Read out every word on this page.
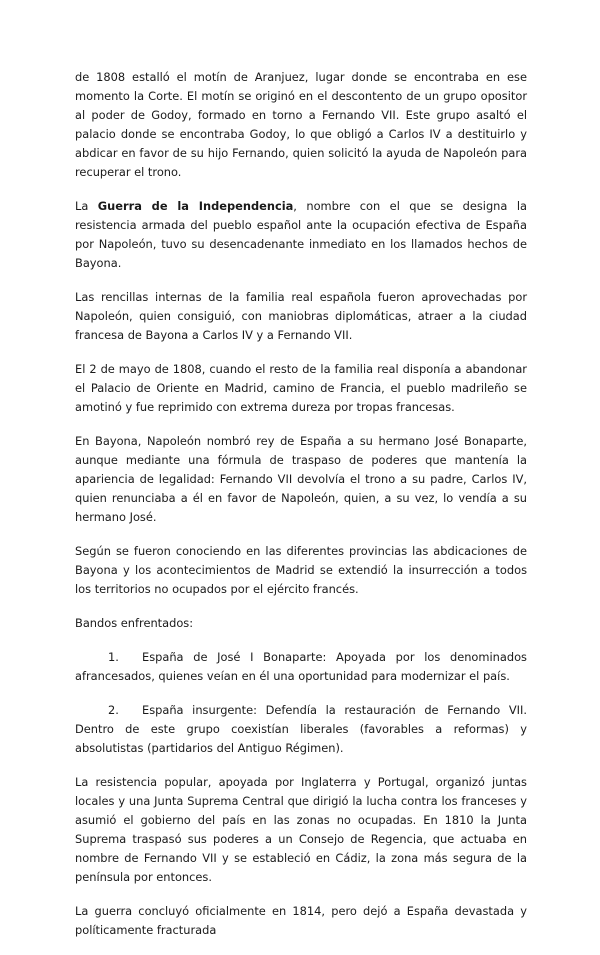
de 1808 estalló el motín de Aranjuez, lugar donde se encontraba en ese momento la Corte. El motín se originó en el descontento de un grupo opositor al poder de Godoy, formado en torno a Fernando VII. Este grupo asaltó el palacio donde se encontraba Godoy, lo que obligó a Carlos IV a destituirlo y abdicar en favor de su hijo Fernando, quien solicitó la ayuda de Napoleón para recuperar el trono.

La Guerra de la Independencia, nombre con el que se designa la resistencia armada del pueblo español ante la ocupación efectiva de España por Napoleón, tuvo su desencadenante inmediato en los llamados hechos de Bayona.

Las rencillas internas de la familia real española fueron aprovechadas por Napoleón, quien consiguió, con maniobras diplomáticas, atraer a la ciudad francesa de Bayona a Carlos IV y a Fernando VII.

El 2 de mayo de 1808, cuando el resto de la familia real disponía a abandonar el Palacio de Oriente en Madrid, camino de Francia, el pueblo madrileño se amotinó y fue reprimido con extrema dureza por tropas francesas.

En Bayona, Napoleón nombró rey de España a su hermano José Bonaparte, aunque mediante una fórmula de traspaso de poderes que mantenía la apariencia de legalidad: Fernando VII devolvía el trono a su padre, Carlos IV, quien renunciaba a él en favor de Napoleón, quien, a su vez, lo vendía a su hermano José.

Según se fueron conociendo en las diferentes provincias las abdicaciones de Bayona y los acontecimientos de Madrid se extendió la insurrección a todos los territorios no ocupados por el ejército francés.

Bandos enfrentados:

1. España de José I Bonaparte: Apoyada por los denominados afrancesados, quienes veían en él una oportunidad para modernizar el país.

2. España insurgente: Defendía la restauración de Fernando VII. Dentro de este grupo coexistían liberales (favorables a reformas) y absolutistas (partidarios del Antiguo Régimen).

La resistencia popular, apoyada por Inglaterra y Portugal, organizó juntas locales y una Junta Suprema Central que dirigió la lucha contra los franceses y asumió el gobierno del país en las zonas no ocupadas. En 1810 la Junta Suprema traspasó sus poderes a un Consejo de Regencia, que actuaba en nombre de Fernando VII y se estableció en Cádiz, la zona más segura de la península por entonces.

La guerra concluyó oficialmente en 1814, pero dejó a España devastada y políticamente fracturada
